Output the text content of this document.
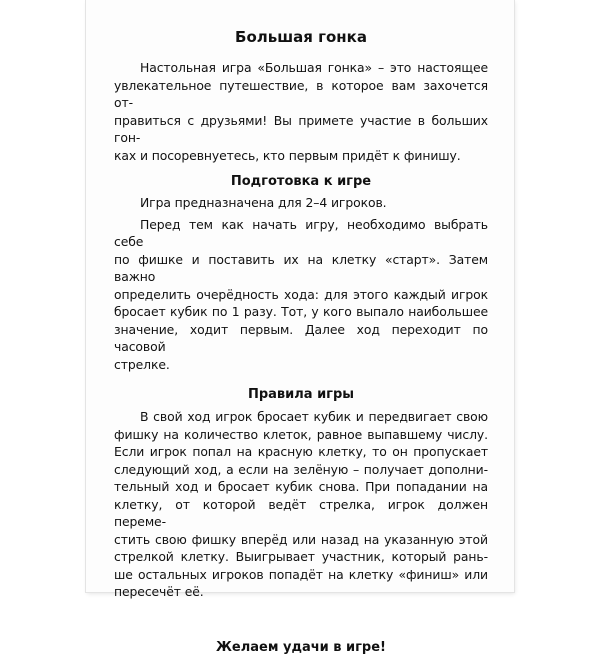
Большая гонка
Настольная игра «Большая гонка» – это настоящее
увлекательное путешествие, в которое вам захочется от-
правиться с друзьями! Вы примете участие в больших гон-
ках и посоревнуетесь, кто первым придёт к финишу.
Подготовка к игре
Игра предназначена для 2–4 игроков.
Перед тем как начать игру, необходимо выбрать себе
по фишке и поставить их на клетку «старт». Затем важно
определить очерёдность хода: для этого каждый игрок
бросает кубик по 1 разу. Тот, у кого выпало наибольшее
значение, ходит первым. Далее ход переходит по часовой
стрелке.
Правила игры
В свой ход игрок бросает кубик и передвигает свою
фишку на количество клеток, равное выпавшему числу.
Если игрок попал на красную клетку, то он пропускает
следующий ход, а если на зелёную – получает дополни-
тельный ход и бросает кубик снова. При попадании на
клетку, от которой ведёт стрелка, игрок должен переме-
стить свою фишку вперёд или назад на указанную этой
стрелкой клетку. Выигрывает участник, который рань-
ше остальных игроков попадёт на клетку «финиш» или
пересечёт её.
Желаем удачи в игре!
